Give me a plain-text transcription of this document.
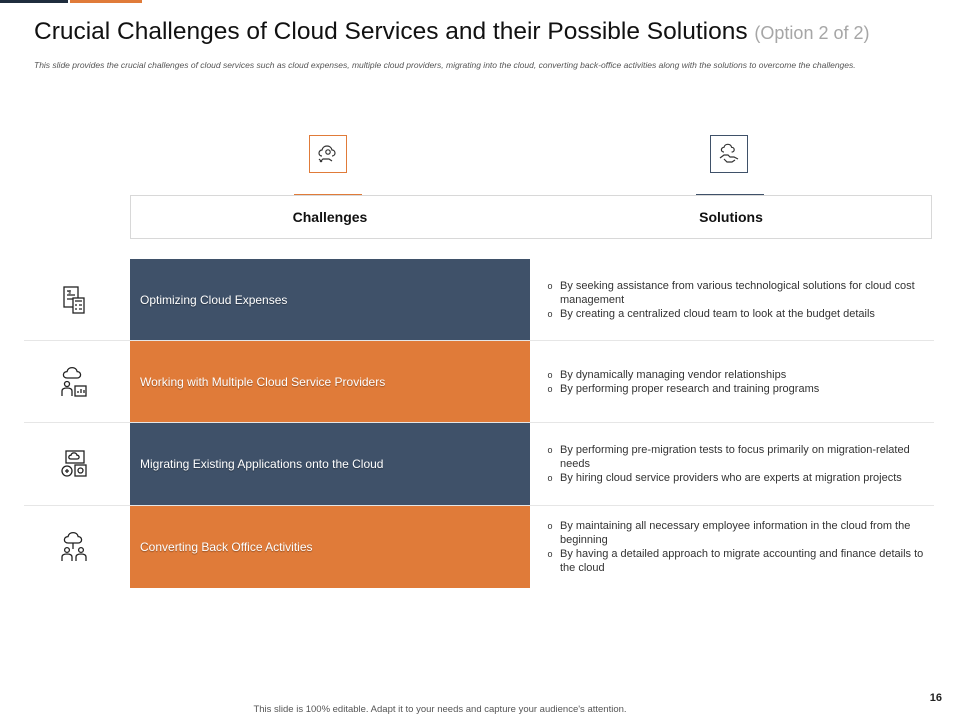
Crucial Challenges of Cloud Services and their Possible Solutions (Option 2 of 2)
This slide provides the crucial challenges of cloud services such as cloud expenses, multiple cloud providers, migrating into the cloud, converting back-office activities along with the solutions to overcome the challenges.
Challenges	Solutions
$	Optimizing Cloud Expenses
o By seeking assistance from various technological solutions for cloud cost management
o By creating a centralized cloud team to look at the budget details
Working with Multiple Cloud Service Providers	o By dynamically managing vendor relationships
o By performing proper research and training programs
Migrating Existing Applications onto the Cloud
o By performing pre-migration tests to focus primarily on migration-related needs
o By hiring cloud service providers who are experts at migration projects
Converting Back Office Activities
o By maintaining all necessary employee information in the cloud from the beginning
o By having a detailed approach to migrate accounting and finance details to the cloud
This slide is 100% editable. Adapt it to your needs and capture your audience's attention.
16
